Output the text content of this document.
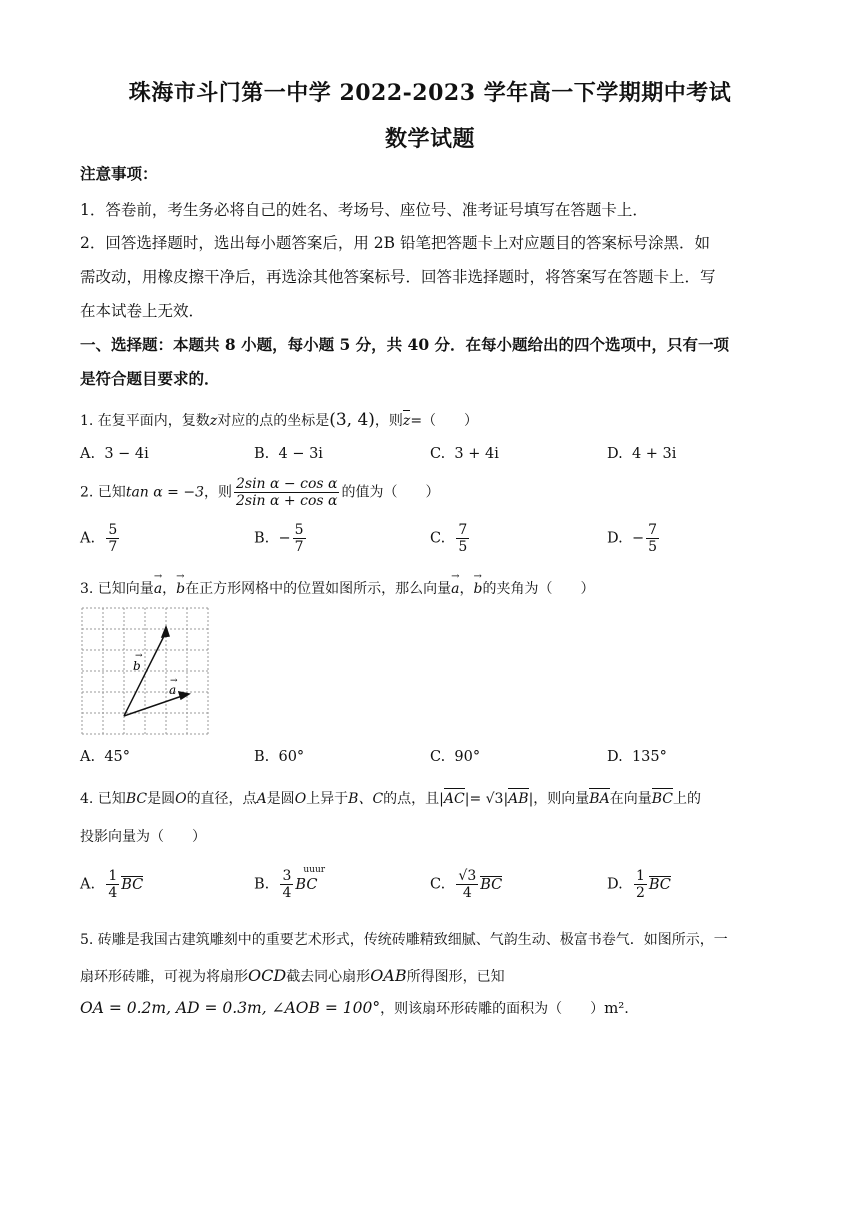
珠海市斗门第一中学 2022-2023 学年高一下学期期中考试
数学试题
注意事项：
1．答卷前，考生务必将自己的姓名、考场号、座位号、准考证号填写在答题卡上．
2．回答选择题时，选出每小题答案后，用 2B 铅笔把答题卡上对应题目的答案标号涂黑．如
需改动，用橡皮擦干净后，再选涂其他答案标号．回答非选择题时，将答案写在答题卡上．写
在本试卷上无效．
一、选择题：本题共 8 小题，每小题 5 分，共 40 分．在每小题给出的四个选项中，只有一项
是符合题目要求的．
1. 在复平面内，复数z对应的点的坐标是(3, 4)，则z=（　　）
A. 3 − 4i	B. 4 − 3i	C. 3 + 4i	D. 4 + 3i
2. 已知tan α = −3，则 $\frac{\text{2sin α − cos α}}{\text{2sin α + cos α}}$ 的值为（　　）
A. $\frac{5}{7}$	B. − $\frac{5}{7}$	C. $\frac{7}{5}$	D. − $\frac{7}{5}$
3. 已知向量→ a，→ b在正方形网格中的位置如图所示，那么向量→ a，→ b的夹角为（　　）
b
→
a
→
A. 45°	B. 60°	C. 90°	D. 135°
4. 已知BC是圆O的直径，点A是圆O上异于B、C的点，且|AC|= √3|AB|，则向量BA在向量BC上的
投影向量为（　　）
A. $\frac{1}{4}$ BC	B. $\frac{3}{4}$ uuur
BC	C. $\frac{√3}{4}$ BC	D. $\frac{1}{2}$ BC
5. 砖雕是我国古建筑雕刻中的重要艺术形式，传统砖雕精致细腻、气韵生动、极富书卷气．如图所示，一
扇环形砖雕，可视为将扇形OCD截去同心扇形OAB所得图形，已知
OA = 0.2m, AD = 0.3m, ∠AOB = 100°，则该扇环形砖雕的面积为（　　）m²．
